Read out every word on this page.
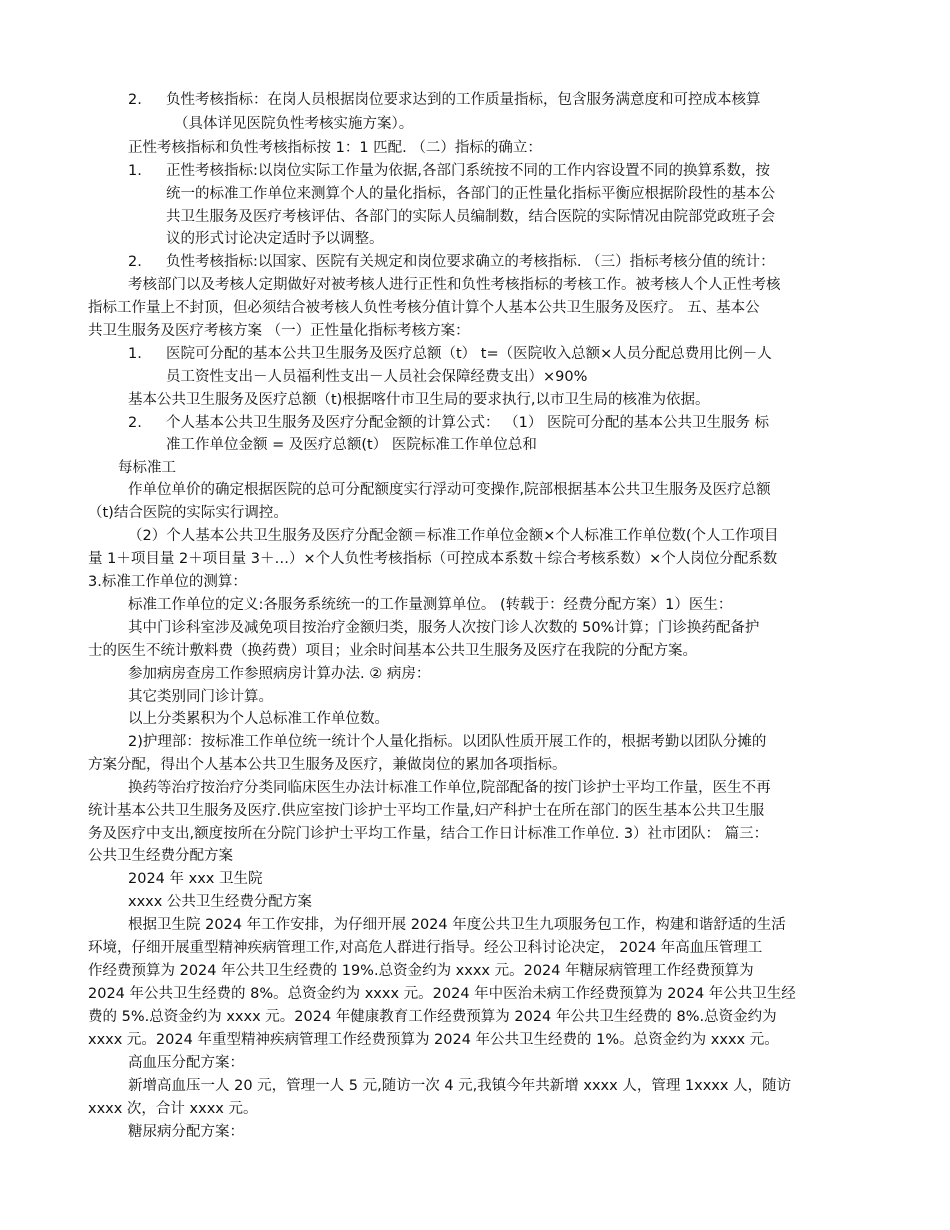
负性考核指标：在岗人员根据岗位要求达到的工作质量指标，包含服务满意度和可控成本核算
（具体详见医院负性考核实施方案）。
正性考核指标和负性考核指标按 1：1 匹配. （二）指标的确立：
正性考核指标:以岗位实际工作量为依据,各部门系统按不同的工作内容设置不同的换算系数，按
统一的标准工作单位来测算个人的量化指标，各部门的正性量化指标平衡应根据阶段性的基本公
共卫生服务及医疗考核评估、各部门的实际人员编制数，结合医院的实际情况由院部党政班子会
议的形式讨论决定适时予以调整。
负性考核指标:以国家、医院有关规定和岗位要求确立的考核指标. （三）指标考核分值的统计：
考核部门以及考核人定期做好对被考核人进行正性和负性考核指标的考核工作。被考核人个人正性考核
指标工作量上不封顶，但必须结合被考核人负性考核分值计算个人基本公共卫生服务及医疗。 五、基本公
共卫生服务及医疗考核方案 （一）正性量化指标考核方案：
医院可分配的基本公共卫生服务及医疗总额（t） t=（医院收入总额×人员分配总费用比例－人
员工资性支出－人员福利性支出－人员社会保障经费支出）×90%
基本公共卫生服务及医疗总额（t)根据喀什市卫生局的要求执行,以市卫生局的核准为依据。
个人基本公共卫生服务及医疗分配金额的计算公式： （1） 医院可分配的基本公共卫生服务 标
准工作单位金额 = 及医疗总额(t） 医院标准工作单位总和
每标准工
作单位单价的确定根据医院的总可分配额度实行浮动可变操作,院部根据基本公共卫生服务及医疗总额
（t)结合医院的实际实行调控。
（2）个人基本公共卫生服务及医疗分配金额＝标准工作单位金额×个人标准工作单位数(个人工作项目
量 1＋项目量 2＋项目量 3＋…）×个人负性考核指标（可控成本系数＋综合考核系数）×个人岗位分配系数
3.标准工作单位的测算：
标准工作单位的定义:各服务系统统一的工作量测算单位。 (转载于：经费分配方案）1）医生：
其中门诊科室涉及减免项目按治疗金额归类，服务人次按门诊人次数的 50%计算；门诊换药配备护
士的医生不统计敷料费（换药费）项目；业余时间基本公共卫生服务及医疗在我院的分配方案。
参加病房查房工作参照病房计算办法. ② 病房：
其它类别同门诊计算。
以上分类累积为个人总标准工作单位数。
2)护理部：按标准工作单位统一统计个人量化指标。以团队性质开展工作的，根据考勤以团队分摊的
方案分配，得出个人基本公共卫生服务及医疗，兼做岗位的累加各项指标。
换药等治疗按治疗分类同临床医生办法计标准工作单位,院部配备的按门诊护士平均工作量，医生不再
统计基本公共卫生服务及医疗.供应室按门诊护士平均工作量,妇产科护士在所在部门的医生基本公共卫生服
务及医疗中支出,额度按所在分院门诊护士平均工作量，结合工作日计标准工作单位. 3）社市团队： 篇三：
公共卫生经费分配方案
2024 年 xxx 卫生院
xxxx 公共卫生经费分配方案
根据卫生院 2024 年工作安排，为仔细开展 2024 年度公共卫生九项服务包工作，构建和谐舒适的生活
环境，仔细开展重型精神疾病管理工作,对高危人群进行指导。经公卫科讨论决定， 2024 年高血压管理工
作经费预算为 2024 年公共卫生经费的 19%.总资金约为 xxxx 元。2024 年糖尿病管理工作经费预算为
2024 年公共卫生经费的 8%。总资金约为 xxxx 元。2024 年中医治未病工作经费预算为 2024 年公共卫生经
费的 5%.总资金约为 xxxx 元。2024 年健康教育工作经费预算为 2024 年公共卫生经费的 8%.总资金约为
xxxx 元。2024 年重型精神疾病管理工作经费预算为 2024 年公共卫生经费的 1%。总资金约为 xxxx 元。
高血压分配方案：
新增高血压一人 20 元，管理一人 5 元,随访一次 4 元,我镇今年共新增 xxxx 人，管理 1xxxx 人，随访
xxxx 次，合计 xxxx 元。
糖尿病分配方案：
2.
1.
2.
1.
2.
